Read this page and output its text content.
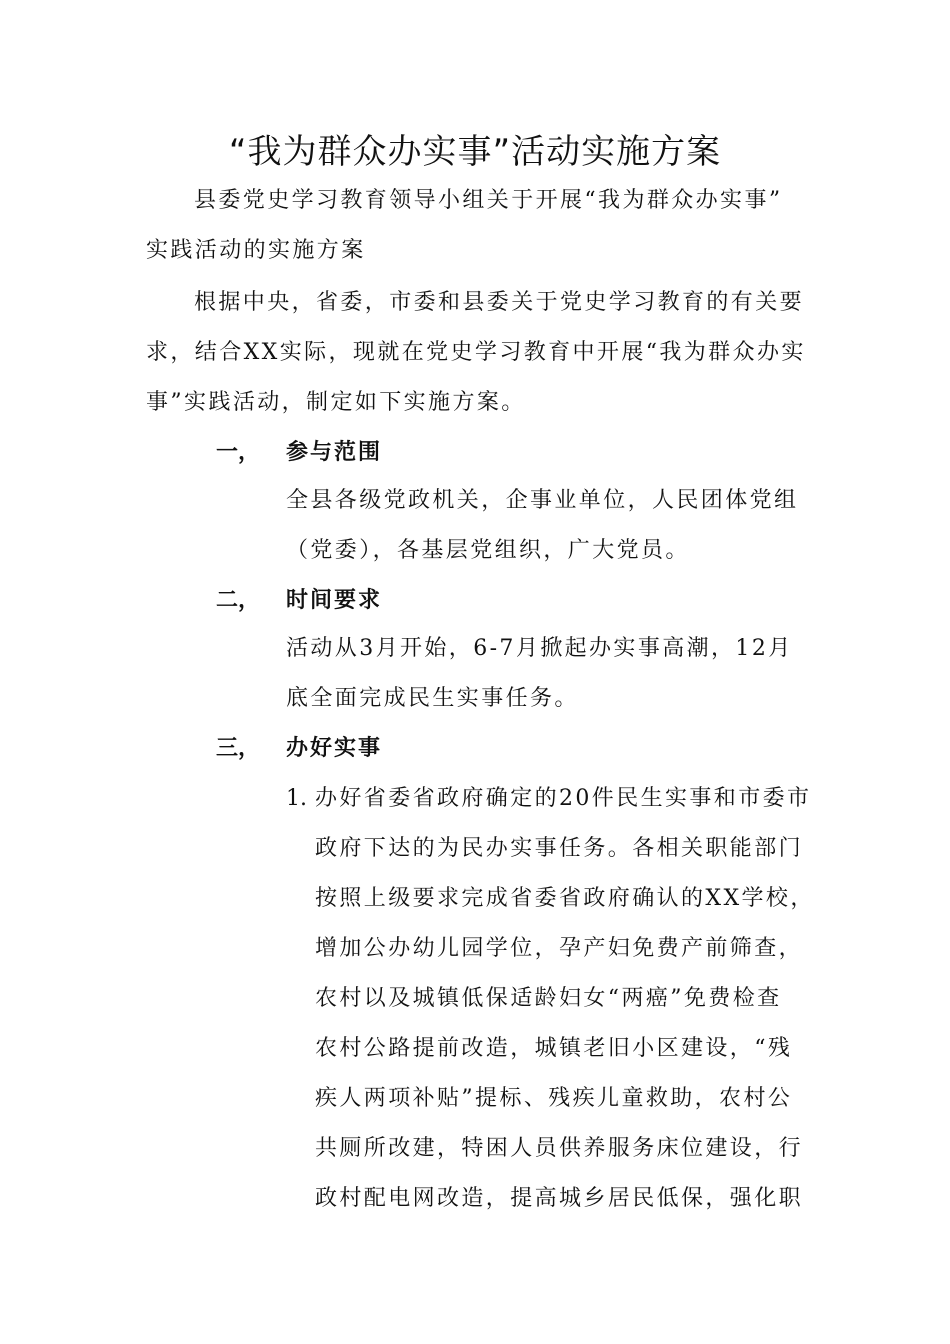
“我为群众办实事”活动实施方案
县委党史学习教育领导小组关于开展“我为群众办实事”
实践活动的实施方案
根据中央，省委，市委和县委关于党史学习教育的有关要
求，结合XX实际，现就在党史学习教育中开展“我为群众办实
事”实践活动，制定如下实施方案。
一， 参与范围
全县各级党政机关，企事业单位，人民团体党组
（党委），各基层党组织，广大党员。
二， 时间要求
活动从3月开始，6-7月掀起办实事高潮，12月
底全面完成民生实事任务。
三， 办好实事
1. 办好省委省政府确定的20件民生实事和市委市
政府下达的为民办实事任务。各相关职能部门
按照上级要求完成省委省政府确认的XX学校，
增加公办幼儿园学位，孕产妇免费产前筛查，
农村以及城镇低保适龄妇女“两癌”免费检查
农村公路提前改造，城镇老旧小区建设，“残
疾人两项补贴”提标、残疾儿童救助，农村公
共厕所改建，特困人员供养服务床位建设，行
政村配电网改造，提高城乡居民低保，强化职
